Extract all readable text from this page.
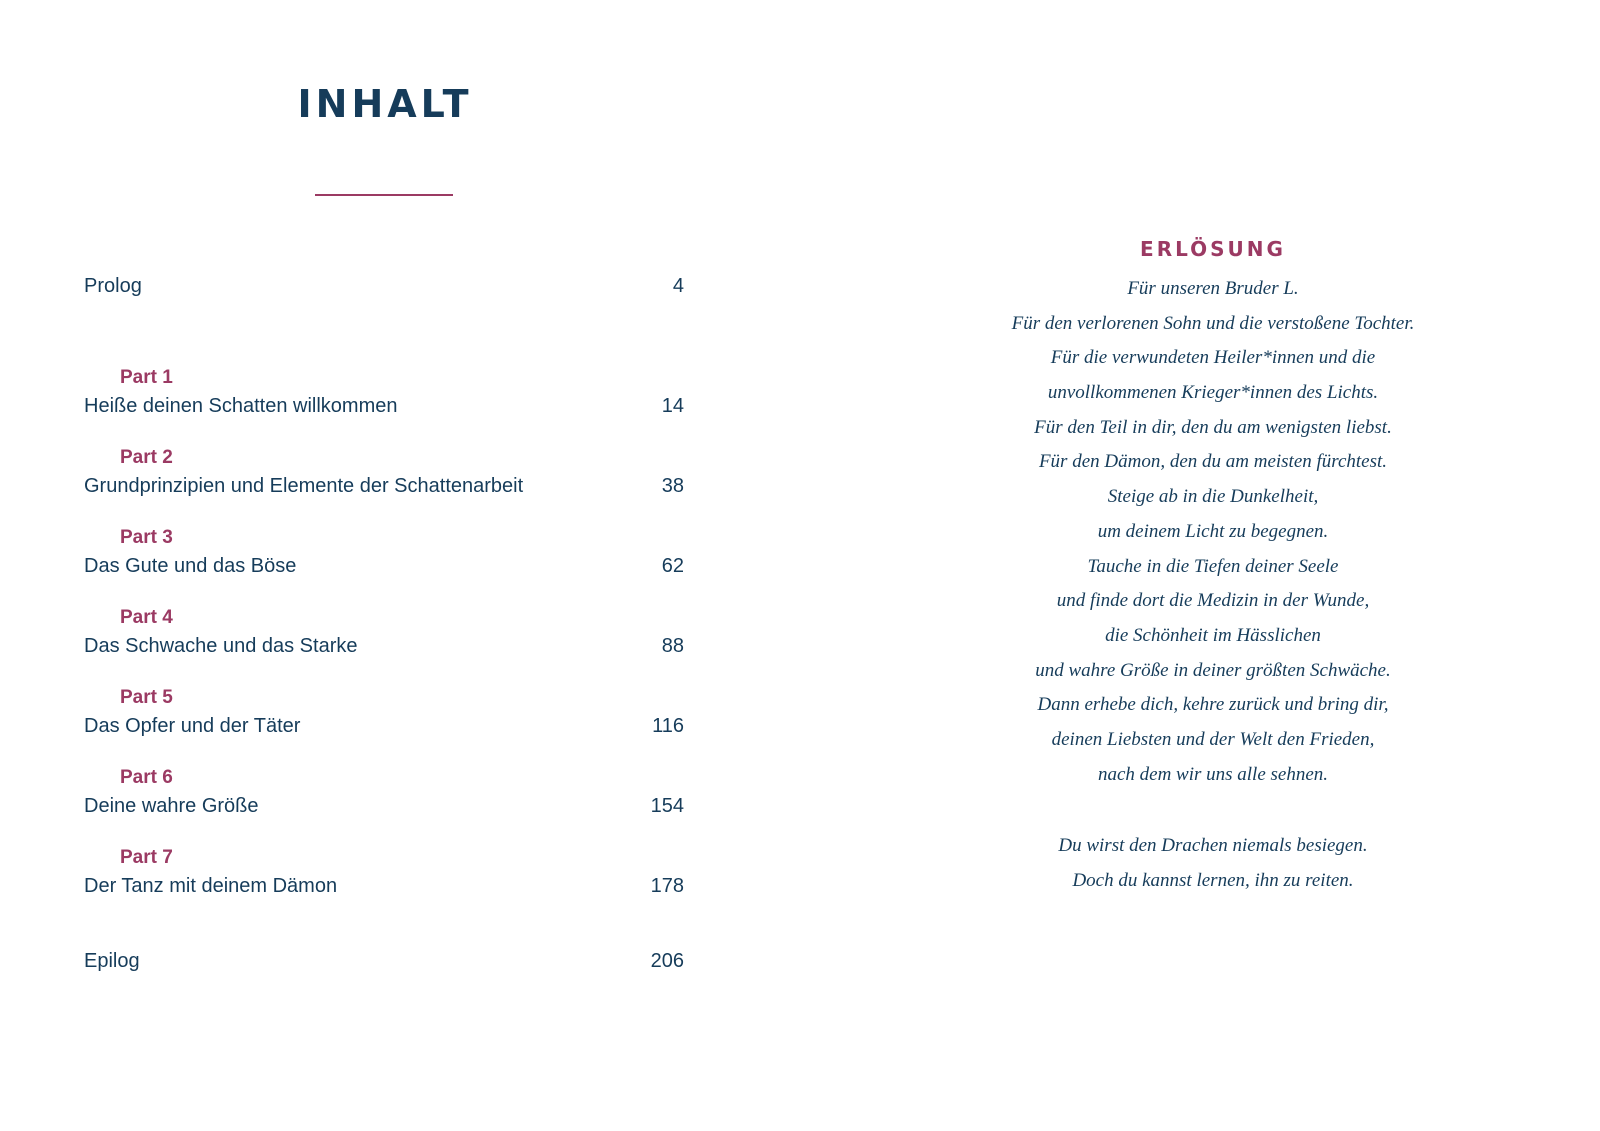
INHALT
Prolog	4
Part 1
Heiße deinen Schatten willkommen	14
Part 2
Grundprinzipien und Elemente der Schattenarbeit	38
Part 3
Das Gute und das Böse	62
Part 4
Das Schwache und das Starke	88
Part 5
Das Opfer und der Täter	116
Part 6
Deine wahre Größe	154
Part 7
Der Tanz mit deinem Dämon	178
Epilog	206
ERLÖSUNG
Für unseren Bruder L.
Für den verlorenen Sohn und die verstoßene Tochter.
Für die verwundeten Heiler*innen und die
unvollkommenen Krieger*innen des Lichts.
Für den Teil in dir, den du am wenigsten liebst.
Für den Dämon, den du am meisten fürchtest.
Steige ab in die Dunkelheit,
um deinem Licht zu begegnen.
Tauche in die Tiefen deiner Seele
und finde dort die Medizin in der Wunde,
die Schönheit im Hässlichen
und wahre Größe in deiner größten Schwäche.
Dann erhebe dich, kehre zurück und bring dir,
deinen Liebsten und der Welt den Frieden,
nach dem wir uns alle sehnen.
Du wirst den Drachen niemals besiegen.
Doch du kannst lernen, ihn zu reiten.
